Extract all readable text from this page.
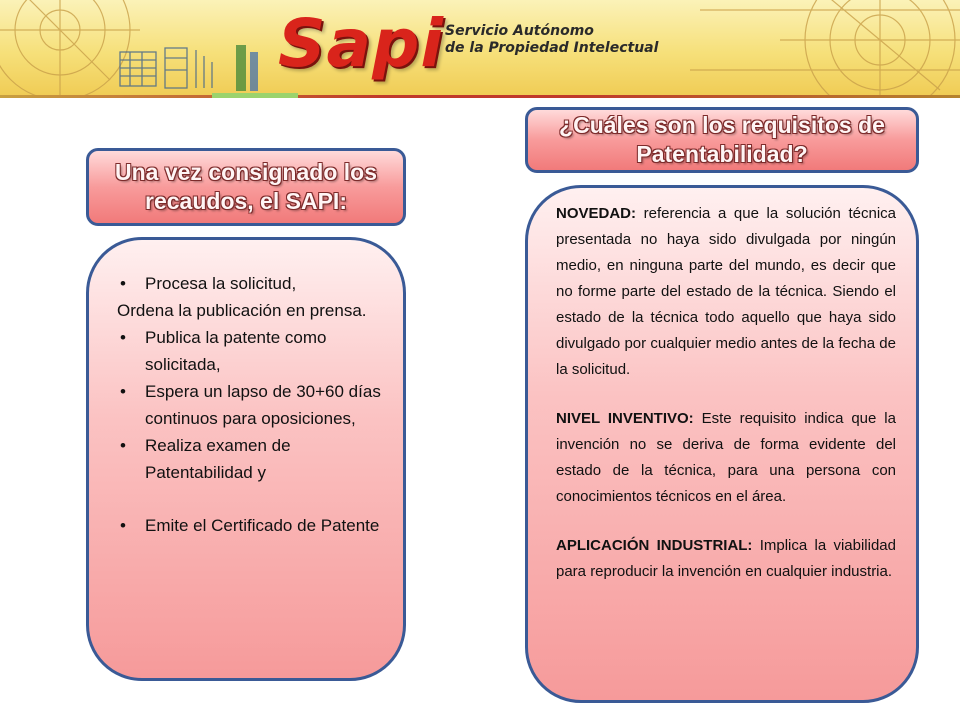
Sapi Servicio Autónomo
de la Propiedad Intelectual
Una vez consignado los recaudos, el SAPI:
• Procesa la solicitud,

Ordena la publicación en prensa.

• Publica la patente como solicitada,
• Espera un lapso de 30+60 días continuos para oposiciones,
• Realiza examen de Patentabilidad y
• Emite el Certificado de Patente
¿Cuáles son los requisitos de Patentabilidad?

NOVEDAD: referencia a que la solución técnica presentada no haya sido divulgada por ningún medio, en ninguna parte del mundo, es decir que no forme parte del estado de la técnica. Siendo el estado de la técnica todo aquello que haya sido divulgado por cualquier medio antes de la fecha de la solicitud.

NIVEL INVENTIVO: Este requisito indica que la invención no se deriva de forma evidente del estado de la técnica, para una persona con conocimientos técnicos en el área.

APLICACIÓN INDUSTRIAL: Implica la viabilidad para reproducir la invención en cualquier industria.
